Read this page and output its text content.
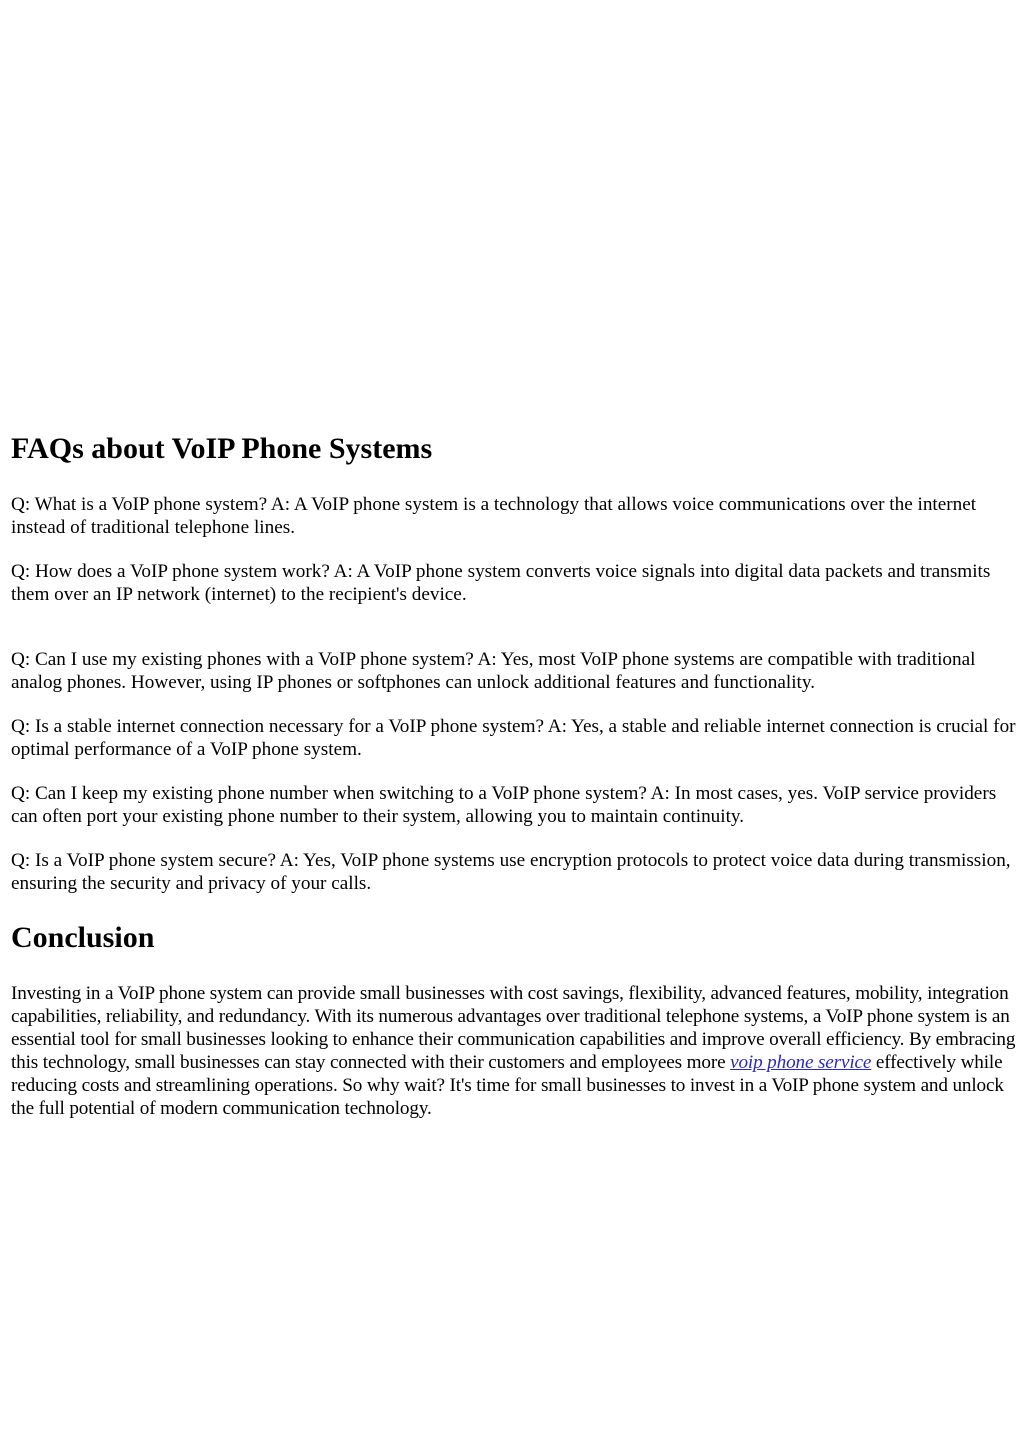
FAQs about VoIP Phone Systems

Q: What is a VoIP phone system? A: A VoIP phone system is a technology that allows voice communications over the internet instead of traditional telephone lines.

Q: How does a VoIP phone system work? A: A VoIP phone system converts voice signals into digital data packets and transmits them over an IP network (internet) to the recipient's device.

Q: Can I use my existing phones with a VoIP phone system? A: Yes, most VoIP phone systems are compatible with traditional analog phones. However, using IP phones or softphones can unlock additional features and functionality.

Q: Is a stable internet connection necessary for a VoIP phone system? A: Yes, a stable and reliable internet connection is crucial for optimal performance of a VoIP phone system.

Q: Can I keep my existing phone number when switching to a VoIP phone system? A: In most cases, yes. VoIP service providers can often port your existing phone number to their system, allowing you to maintain continuity.

Q: Is a VoIP phone system secure? A: Yes, VoIP phone systems use encryption protocols to protect voice data during transmission, ensuring the security and privacy of your calls.

Conclusion

Investing in a VoIP phone system can provide small businesses with cost savings, flexibility, advanced features, mobility, integration capabilities, reliability, and redundancy. With its numerous advantages over traditional telephone systems, a VoIP phone system is an essential tool for small businesses looking to enhance their communication capabilities and improve overall efficiency. By embracing this technology, small businesses can stay connected with their customers and employees more voip phone service effectively while reducing costs and streamlining operations. So why wait? It's time for small businesses to invest in a VoIP phone system and unlock the full potential of modern communication technology.
